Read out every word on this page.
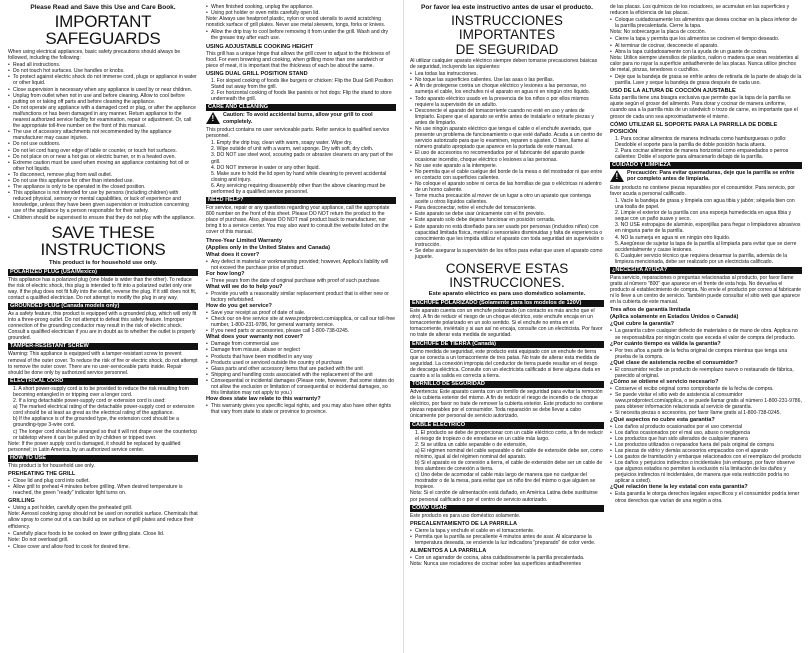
Please Read and Save this Use and Care Book.
IMPORTANT SAFEGUARDS

When using electrical appliances, basic safety precautions should always be followed, including the following:

• Read all instructions.
• Do not touch hot surfaces. Use handles or knobs.
• To protect against electric shock do not immerse cord, plugs or appliance in water or other liquid.
• Close supervision is necessary when any appliance is used by or near children.
• Unplug from outlet when not in use and before cleaning. Allow to cool before putting on or taking off parts and before cleaning the appliance.
• Do not operate any appliance with a damaged cord or plug, or after the appliance malfunctions or has been damaged in any manner. Return appliance to the nearest authorized service facility for examination, repair or adjustment. Or, call the appropriate toll-free number on the front of this manual.
• The use of accessory attachments not recommended by the appliance manufacturer may cause injuries.
• Do not use outdoors.
• Do not let cord hang over edge of table or counter, or touch hot surfaces.
• Do not place on or near a hot gas or electric burner, or in a heated oven.
• Extreme caution must be used when moving an appliance containing hot oil or other hot liquids.
• To disconnect, remove plug from wall outlet.
• Do not use this appliance for other than intended use.
• The appliance is only to be operated in the closed position.
• This appliance is not intended for use by persons (including children) with reduced physical, sensory or mental capabilities, or lack of experience and knowledge, unless they have been given supervision or instruction concerning use of the appliance by a person responsible for their safety.
• Children should be supervised to ensure that they do not play with the appliance.
SAVE THESE INSTRUCTIONS
This product is for household use only.
POLARIZED PLUG (USA/Mexico)

This appliance has a polarized plug (one blade is wider than the other). To reduce the risk of electric shock, this plug is intended to fit into a polarized outlet only one way. If the plug does not fit fully into the outlet, reverse the plug. If it still does not fit, contact a qualified electrician. Do not attempt to modify the plug in any way.

GROUNDED PLUG (Canada models only)

As a safety feature, this product is equipped with a grounded plug, which will only fit into a three-prong outlet. Do not attempt to defeat this safety feature. Improper connection of the grounding conductor may result in the risk of electric shock. Consult a qualified electrician if you are in doubt as to whether the outlet is properly grounded.

TAMPER-RESISTANT SCREW

Warning: This appliance is equipped with a tamper-resistant screw to prevent removal of the outer cover. To reduce the risk of fire or electric shock, do not attempt to remove the outer cover. There are no user-serviceable parts inside. Repair should be done only by authorized service personnel.

ELECTRICAL CORD
1. A short power-supply cord is to be provided to reduce the risk resulting from becoming entangled in or tripping over a longer cord.
2. If a long detachable power-supply cord or extension cord is used:
a) The marked electrical rating of the detachable power-supply cord or extension cord should be at least as great as the electrical rating of the appliance.
b) If the appliance is of the grounded type, the extension cord should be a grounding-type 3-wire cord.
c) The longer cord should be arranged so that it will not drape over the countertop or tabletop where it can be pulled on by children or tripped over.

Note: If the power supply cord is damaged, it should be replaced by qualified personnel; in Latin America, by an authorized service center.

HOW TO USE

This product is for household use only.

PREHEATING THE GRILL
• Close lid and plug cord into outlet.
• Allow grill to preheat 4 minutes before grilling. When desired temperature is reached, the green "ready" indicator light turns on.
GRILLING
• Using a pot holder, carefully open the preheated grill.

Note: Aerosol cooking spray should not be used on nonstick surface. Chemicals that allow spray to come out of a can build up on surface of grill plates and reduce their efficiency.

• Carefully place foods to be cooked on lower grilling plate. Close lid.

Note: Do not overload grill.

• Close cover and allow food to cook for desired time.
• When finished cooking, unplug the appliance.
• Using pot holder or oven mitts carefully open lid.

Note: Always use heatproof plastic, nylon or wood utensils to avoid scratching nonstick surface of grill plates. Never use metal skewers, tongs, forks or knives.

• Allow the drip tray to cool before removing it from under the grill. Wash and dry the grease tray after each use.
USING ADJUSTABLE COOKING HEIGHT

This grill has a unique hinge that allows the grill cover to adjust to the thickness of food. For even browning and cooking, when grilling more than one sandwich or piece of meat, it is important that the thickness of each be about the same.

USING DUAL GRILL POSITION STAND
1. For sloped cooking of foods like burgers or chicken: Flip the Dual Grill Position Stand out away from the grill.
2. For horizontal cooking of foods like paninis or hot dogs: Flip the stand to store underneath the grill.
CARE AND CLEANING
! Caution: To avoid accidental burns, allow your grill to cool completely.

This product contains no user serviceable parts. Refer service to qualified service personnel.

1. Empty the drip tray, clean with warm, soapy water. Wipe dry.
2. Wipe outside of unit with a warm, wet sponge. Dry with soft, dry cloth.
3. DO NOT use steel wool, scouring pads or abrasive cleaners on any part of the grill.
4. DO NOT immerse in water or any other liquid.
5. Make sure to hold the lid open by hand while cleaning to prevent accidental closing and injury.
6. Any servicing requiring disassembly other than the above cleaning must be performed by a qualified service personnel.
NEED HELP?

For service, repair or any questions regarding your appliance, call the appropriate 800 number on the front of this sheet. Please DO NOT return the product to the place of purchase. Also, please DO NOT mail product back to manufacturer, nor bring it to a service center. You may also want to consult the website listed on the cover of this manual.

Three-Year Limited Warranty
(Applies only in the United States and Canada)
What does it cover?
• Any defect in material or workmanship provided; however, Applica's liability will not exceed the purchase price of product.
For how long?
• Three years from the date of original purchase with proof of such purchase.
What will we do to help you?
• Provide you with a reasonably similar replacement product that is either new or factory refurbished.
How do you get service?
• Save your receipt as proof of date of sale.
• Check our on-line service site at www.prodprotect.com/applica, or call our toll-free number, 1-800-231-9786, for general warranty service.
• If you need parts or accessories, please call 1-800-738-0245.
What does your warranty not cover?
• Damage from commercial use
• Damage from misuse, abuse or neglect
• Products that have been modified in any way
• Products used or serviced outside the country of purchase
• Glass parts and other accessory items that are packed with the unit
• Shipping and handling costs associated with the replacement of the unit
• Consequential or incidental damages (Please note, however, that some states do not allow the exclusion or limitation of consequential or incidental damages, so this limitation may not apply to you.)
How does state law relate to this warranty?
• This warranty gives you specific legal rights, and you may also have other rights that vary from state to state or province to province.
Por favor lea este instructivo antes de usar el producto.
INSTRUCCIONES IMPORTANTES
DE SEGURIDAD

Al utilizar cualquier aparato eléctrico siempre deben tomarse precauciones básicas de seguridad, incluyendo las siguientes:

• Lea todas las instrucciones.
• No toque las superficies calientes. Use las asas o las perillas.
• A fin de protegerse contra un choque eléctrico y lesiones a las personas, no sumerja el cable, los enchufes ni el aparato en agua ni en ningún otro líquido.
• Todo aparato eléctrico usado en la presencia de los niños o por ellos mismos requiere la supervisión de un adulto.
• Desconecte el aparato del tomacorriente cuando no esté en uso y antes de limpiarlo. Espere que el aparato se enfríe antes de instalarle o retirarle piezas y antes de limpiarlo.
• No use ningún aparato eléctrico que tenga el cable o el enchufe averiado, que presente un problema de funcionamiento o que esté dañado. Acuda a un centro de servicio autorizado para que lo examinen, reparen o ajusten. O bien, llame al número gratuito apropiado que aparece en la portada de este manual.
• El uso de accesorios no recomendados por el fabricante del aparato puede ocasionar incendio, choque eléctrico o lesiones a las personas.
• No use este aparato a la intemperie.
• No permita que el cable cuelgue del borde de la mesa o del mostrador ni que entre en contacto con superficies calientes.
• No coloque el aparato sobre ni cerca de las hornillas de gas o eléctricas ni adentro de un horno caliente.
• Tome mucha precaución al mover de un lugar a otro un aparato que contenga aceite u otros líquidos calientes.
• Para desconectar, retire el enchufe del tomacorriente.
• Este aparato se debe usar únicamente con el fin previsto.
• Este aparato solo debe dejarse funcionar en posición cerrada.
• Este aparato no está diseñado para ser usado por personas (incluidos niños) con capacidad limitada física, mental o sensoriales disminuidas y falta de experiencia o conocimiento que les impida utilizar el aparato con toda seguridad sin supervisión o instrucción.
• Se debe asegurar la supervisión de los niños para evitar que usen el aparato como juguete.
CONSERVE ESTAS INSTRUCCIONES.
Este aparato eléctrico es para uso doméstico solamente.
ENCHUFE POLARIZADO (Solamente para los modelos de 120V)

Este aparato cuenta con un enchufe polarizado (un contacto es más ancho que el otro). A fin de reducir el riesgo de un choque eléctrico, este enchufe encaja en un tomacorriente polarizado en un solo sentido. Si el enchufe no entra en el tomacorriente, inviértalo y si aun así no encaja, consulte con un electricista. Por favor no trate de alterar esta medida de seguridad.

ENCHUFE DE TIERRA (Canadá)

Como medida de seguridad, este producto está equipado con un enchufe de tierra que se conecta a un tomacorriente de tres patas. No trate de alterar esta medida de seguridad. La conexión impropia del conductor de tierra puede resultar en el riesgo de descarga eléctrica. Consulte con un electricista calificado si tiene alguna duda en cuanto a si la salida es correcta a tierra.

TORNILLO DE SEGURIDAD

Advertencia: Este aparato cuenta con un tornillo de seguridad para evitar la remoción de la cubierta exterior del mismo. A fin de reducir el riesgo de incendio o de choque eléctrico, por favor no trate de remover la cubierta exterior. Este producto no contiene piezas reparables por el consumidor. Toda reparación se debe llevar a cabo únicamente por personal de servicio autorizado.

CABLE ELÉCTRICO
1. El producto se debe de proporcionar con un cable eléctrico corto, a fin de reducir el riesgo de tropiezo o de enredarse en un cable más largo.
2. Si se utiliza un cable separable o de extensión,
a) El régimen nominal del cable separable o del cable de extensión debe ser, como mínimo, igual al del régimen nominal del aparato.
b) Si el aparato es de conexión a tierra, el cable de extensión debe ser un cable de tres alambres de conexión a tierra.
c) Uno debe de acomodar el cable más largo de manera que no cuelgue del mostrador o de la mesa, para evitar que un niño tire del mismo o que alguien se tropiece.

Nota: Si el cordón de alimentación está dañado, en América Latina debe sustituirse por personal calificado o por el centro de servicio autorizado.

COMO USAR

Este producto es para uso doméstico solamente.

PRECALENTAMIENTO DE LA PARRILLA
• Cierre la tapa y enchufe el cable en el tomacorriente.
• Permita que la parrilla se precaliente 4 minutos antes de asar. Al alcanzarse la temperatura deseada, se enciende la luz indicadora "preparado" de color verde.
ALIMENTOS A LA PARRILLA
• Con un agarrador de cocina, abra cuidadosamente la parrilla precalentada.

Nota: Nunca use rociadores de cocinar sobre las superficies antiadherentes

de las placas. Los químicos de los rociadores, se acumulan en las superficies y reducen la eficiencia de las placas.

• Coloque cuidadosamente los alimentos que desea cocinar en la placa inferior de la parrilla precalentada. Cierre la tapa.

Nota: No sobrecargue la placa de cocción.

• Cierre la tapa y permita que los alimentos se cocinen el tiempo deseado.
• Al terminar de cocinar, desconecte el aparato.
• Abra la tapa cuidadosamente con la ayuda de un guante de cocina.

Nota: Utilice siempre utensilios de plástico, nailon o madera que sean resistentes al calor para no rayar la superficie antiadherente de las placas. Nunca utilice pinchos de metal, pinzas, tenedores o cuchillos.

• Deje que la bandeja de grasa se enfríe antes de retirarla de la parte de abajo de la parrilla. Lave y seque la bandeja de grasa después de cada uso.
USO DE LA ALTURA DE COCCIÓN AJUSTABLE

Esta parrilla tiene una bisagra exclusiva que permite que la tapa de la parrilla se ajuste según el grosor del alimento. Para dorar y cocinar de manera uniforme, cuando asa a la parrilla más de un sándwich o trozo de carne, es importante que el grosor de cada uno sea aproximadamente el mismo.

CÓMO UTILIZAR EL SOPORTE PARA LA PARRILLA DE DOBLE POSICIÓN
1. Para cocinar alimentos de manera inclinada como hamburguesas o pollo: Desdoble el soporte para la parrilla de doble posición hacia afuera.
2. Para cocinar alimentos de manera horizontal como emparedados o perros calientes: Doble el soporte para almacenarlo debajo de la parrilla.
CUIDADO Y LIMPIEZA
! Precaución: Para evitar quemaduras, deje que la parrilla se enfríe por completo antes de limpiarla.

Este producto no contiene piezas reparables por el consumidor. Para servicio, por favor acuda a personal calificado.

1. Vacíe la bandeja de grasa y límpiela con agua tibia y jabón; séquela bien con una toalla de papel.
2. Limpie el exterior de la parrilla con una esponja humedecida en agua tibia y seque con un paño suave y seco.
3. NO USE estropajos de aluminio, esponjillas para fregar o limpiadores abrasivos en ninguna parte de la parrilla.
4. NO la sumerja en agua ni en ningún otro líquido.
5. Asegúrese de sujetar la tapa de la parrilla al limpiarla para evitar que se cierre accidentalmente y cause lesiones.
6. Cualquier servicio técnico que requiera desarmar la parrilla, además de la limpieza mencionada, debe ser realizado por un electricista calificado.
¿NECESITA AYUDA?

Para servicio, reparaciones o preguntas relacionadas al producto, por favor llame gratis al número "800" que aparece en el frente de esta hoja. No devuelva el producto al establecimiento de compra. No envíe el producto por correo al fabricante ni lo lleve a un centro de servicio. También puede consultar el sitio web que aparece en la cubierta de este manual.

Tres años de garantía limitada
(Aplica solamente en Estados Unidos o Canadá)
¿Qué cubre la garantía?
• La garantía cubre cualquier defecto de materiales o de mano de obra. Applica no se responsabiliza por ningún costo que exceda el valor de compra del producto.
¿Por cuánto tiempo es válida la garantía?
• Por tres años a partir de la fecha original de compra mientras que tenga una prueba de la compra.
¿Qué clase de asistencia recibe el consumidor?
• El consumidor recibe un producto de reemplazo nuevo o restaurado de fábrica, parecido al original.
¿Cómo se obtiene el servicio necesario?
• Conserve el recibo original como comprobante de la fecha de compra.
• Se puede visitar el sitio web de asistencia al consumidor www.prodprotect.com/applica, o se puede llamar gratis al número 1-800-231-9786, para obtener información relacionada al servicio de garantía.
• Si necesita piezas o accesorios, por favor llame gratis al 1-800-738-0245.
¿Qué aspectos no cubre esta garantía?
• Los daños al producto ocasionados por el uso comercial
• Los daños ocasionados por el mal uso, abuso o negligencia
• Los productos que han sido alterados de cualquier manera
• Los productos utilizados o reparados fuera del país original de compra
• Las piezas de vidrio y demás accesorios empacados con el aparato
• Los gastos de tramitación y embarque relacionados con el reemplazo del producto
• Los daños y perjuicios indirectos o incidentales (sin embargo, por favor observe que algunos estados no permiten la exclusión ni la limitación de los daños y perjuicios indirectos ni incidentales, de manera que esta restricción podría no aplicar a usted).
¿Qué relación tiene la ley estatal con esta garantía?
• Esta garantía le otorga derechos legales específicos y el consumidor podría tener otros derechos que varían de una región a otra.
